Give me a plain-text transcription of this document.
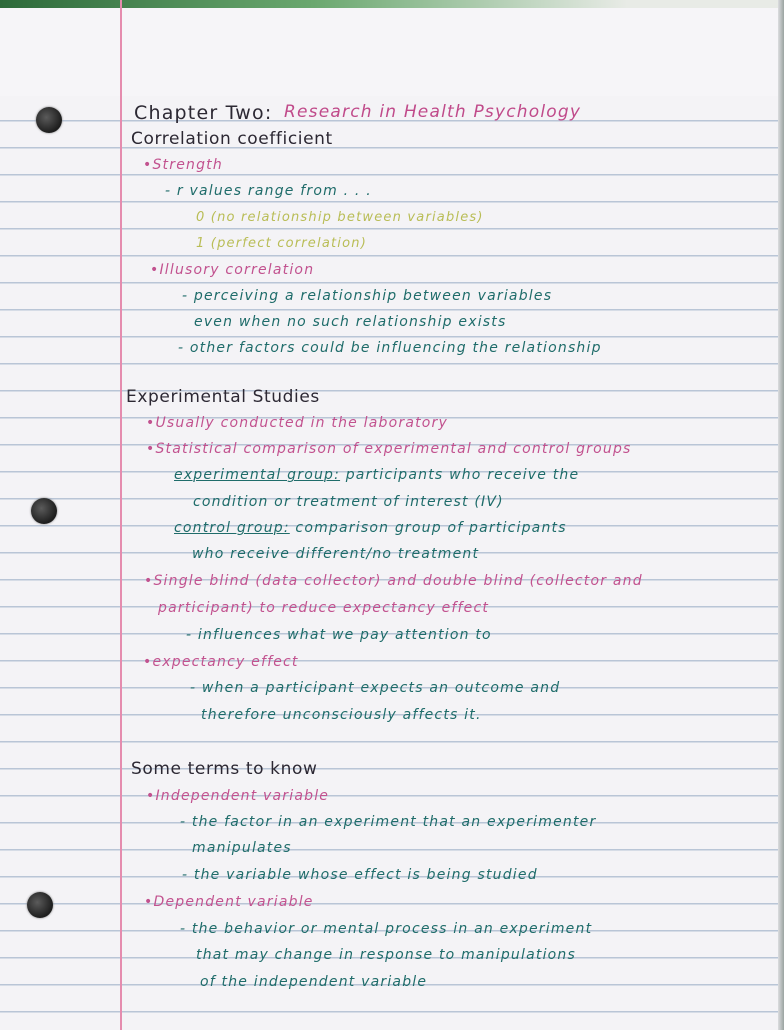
Chapter Two: Research in Health Psychology
Correlation coefficient
•Strength
- r values range from . . .
0 (no relationship between variables)
1 (perfect correlation)
•Illusory correlation
- perceiving a relationship between variables
even when no such relationship exists
- other factors could be influencing the relationship
Experimental Studies
•Usually conducted in the laboratory
•Statistical comparison of experimental and control groups
experimental group: participants who receive the
condition or treatment of interest (IV)
control group: comparison group of participants
who receive different/no treatment
•Single blind (data collector) and double blind (collector and
participant) to reduce expectancy effect
- influences what we pay attention to
•expectancy effect
- when a participant expects an outcome and
therefore unconsciously affects it.
Some terms to know
•Independent variable
- the factor in an experiment that an experimenter
manipulates
- the variable whose effect is being studied
•Dependent variable
- the behavior or mental process in an experiment
that may change in response to manipulations
of the independent variable
